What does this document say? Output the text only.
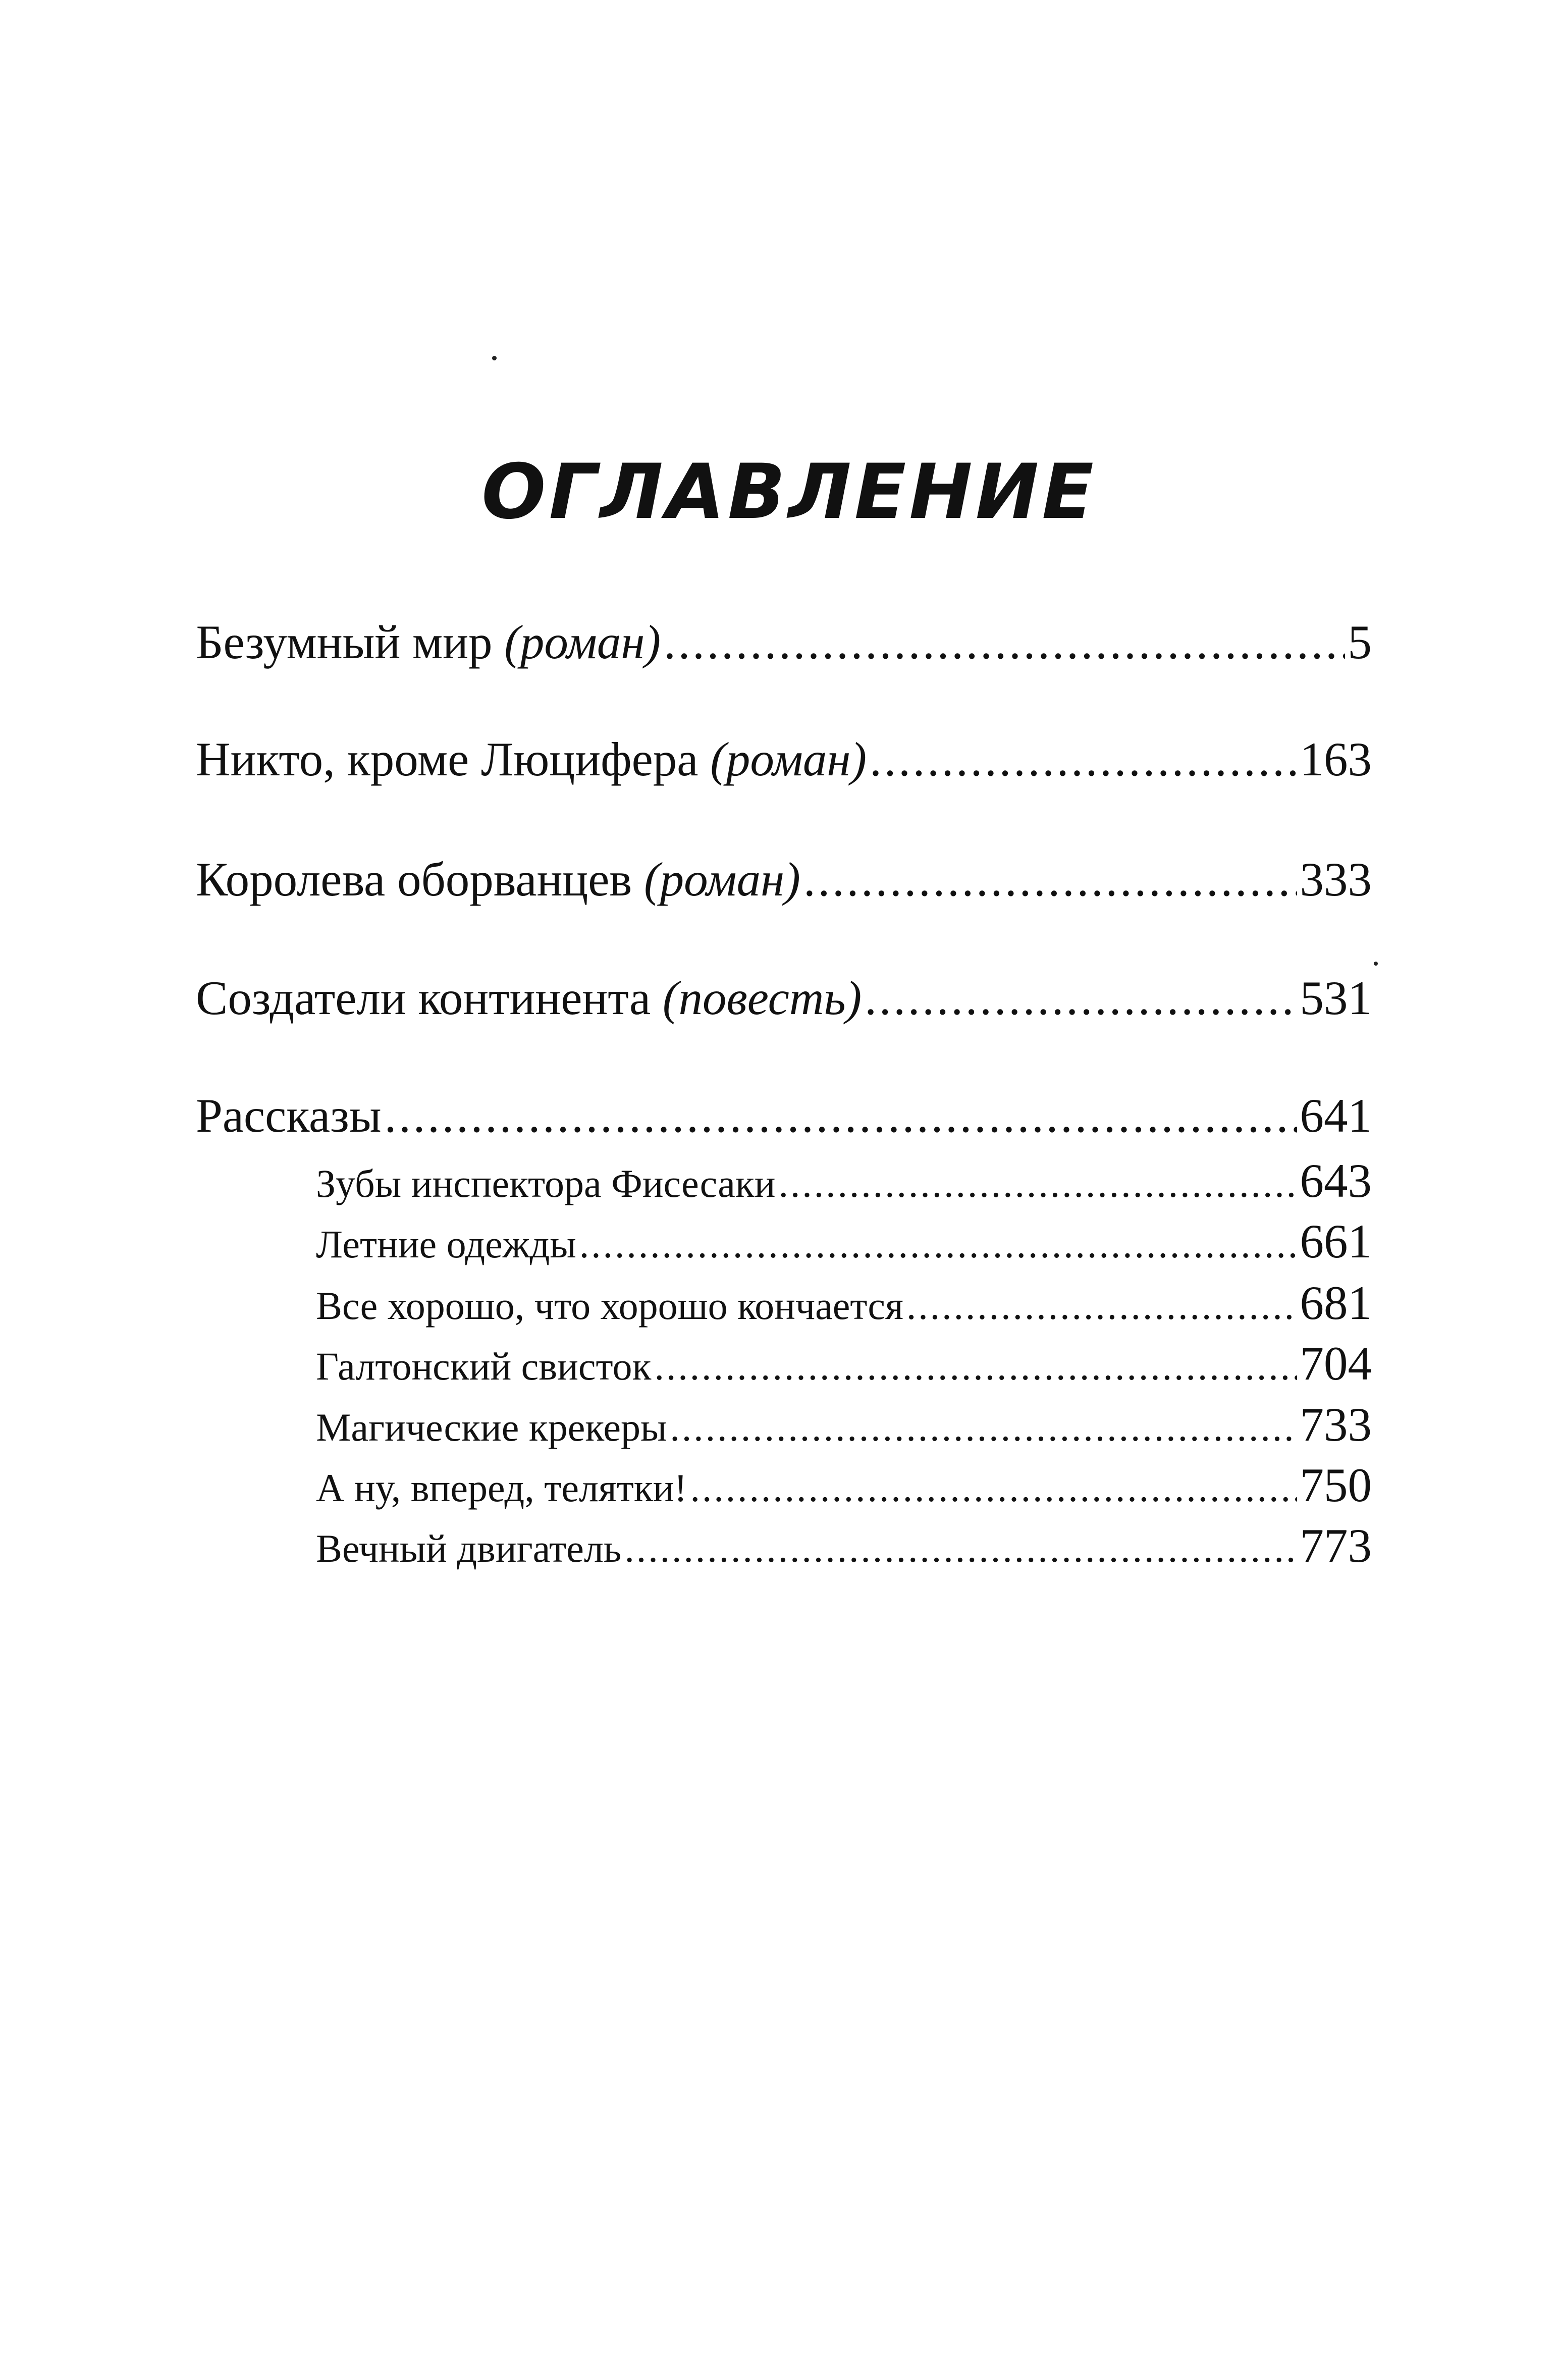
ОГЛАВЛЕНИЕ
Безумный мир (роман) .....	5
Никто, кроме Люцифера (роман) .....	163
Королева оборванцев (роман) .....	333
Создатели континента (повесть) .....	531
Рассказы .....	641
Зубы инспектора Фисесаки .....	643
Летние одежды .....	661
Все хорошо, что хорошо кончается .....	681
Галтонский свисток .....	704
Магические крекеры .....	733
А ну, вперед, телятки! .....	750
Вечный двигатель .....	773
